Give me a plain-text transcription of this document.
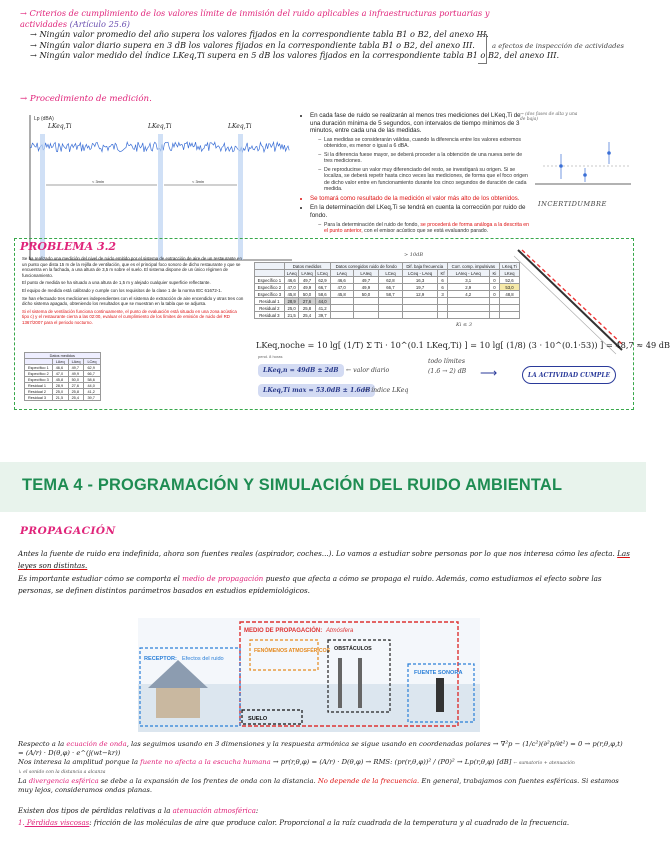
→ Criterios de cumplimiento de los valores límite de inmisión del ruido aplicables a infraestructuras portuarias y actividades (Artículo 25.6)
→ Ningún valor promedio del año supera los valores fijados en la correspondiente tabla B1 o B2, del anexo III.
→ Ningún valor diario supera en 3 dB los valores fijados en la correspondiente tabla B1 o B2, del anexo III.
→ Ningún valor medido del índice LKeq,Ti supera en 5 dB los valores fijados en la correspondiente tabla B1 o B2, del anexo III.
a efectos de inspección de actividades
→ Procedimiento de medición.
Lp (dBA)
LKeq,Ti	LKeq,Ti	LKeq,Ti
< 3min	< 3min
• En cada fase de ruido se realizarán al menos tres mediciones del LKeq,Ti de una duración mínima de 5 segundos, con intervalos de tiempo mínimos de 3 minutos, entre cada una de las medidas.
– Las medidas se considerarán válidas, cuando la diferencia entre los valores extremos obtenidos, es menor o igual a 6 dBA.
– Si la diferencia fuese mayor, se deberá proceder a la obtención de una nueva serie de tres mediciones.
– De reproducirse un valor muy diferenciado del resto, se investigará su origen. Si se localiza, se deberá repetir hasta cinco veces las mediciones, de forma que el foco origen de dicho valor entre en funcionamiento durante los cinco segundos de duración de cada medida.
• Se tomará como resultado de la medición el valor más alto de los obtenidos.
• En la determinación del LKeq,Ti se tendrá en cuenta la corrección por ruido de fondo.
– Para la determinación del ruido de fondo, se procederá de forma análoga a la descrita en el punto anterior, con el emisor acústico que se está evaluando parado.
→ (dos fases de alta y una de baja)
INCERTIDUMBRE
PROBLEMA 3.2

Se ha realizado una medición del nivel de ruido emitido por el sistema de extracción de aire de un restaurante en un punto que dista 15 m de la rejilla de ventilación, que es el principal foco sonoro de dicho restaurante y que se encuentra en la fachada, a una altura de 3,5 m sobre el suelo. El sistema dispone de un único régimen de funcionamiento.

El punto de medida se ha situado a una altura de 1,5 m y alejado cualquier superficie reflectante.

El equipo de medida está calibrado y cumple con los requisitos de la clase 1 de la norma IEC 61672-1.

Se han efectuado tres mediciones independientes con el sistema de extracción de aire encendido y otras tres con dicho sistema apagado, obteniendo los resultados que se muestran en la tabla que se adjunta.

Si el sistema de ventilación funciona continuamente, el punto de evaluación está situado en una zona acústica tipo c) y el restaurante cierra a las 02:00, evaluar el cumplimiento de los límites de emisión de ruido del RD 1367/2007 para el periodo nocturno.

Datos medidos			
	LAeq	LAeq	LCeq
Específico 1	46,6	49,7	62,9
Específico 2	47,0	49,9	66,7
Específico 3	45,8	50,0	58,6
Residual 1	28,9	27,6	44,0
Residual 2	25,0	25,8	41,2
Residual 3	21,5	25,4	39,7
	Datos medidos			Datos corregidos ruido de fondo			Dif. baja frecuencia		Corr. comp. impulsivas		LKeq,Ti
	LAeq	LAIeq	LCeq	LAeq	LAIeq	LCeq	LCeq - LAeq	Kf	LAIeq - LAeq	Ki	LKeq
Específico 1	46,6	49,7	62,9	46,6	49,7	62,8	16,3	6	3,1	0	52,6
Específico 2	47,0	49,9	66,7	47,0	49,9	66,7	19,7	6	2,9	0	53,0
Específico 3	45,8	50,0	58,6	45,8	50,0	58,7	12,9	3	4,2	0	48,8
Residual 1	28,9	27,6	44,0								
Residual 2	25,0	25,8	41,2								
Residual 3	21,5	25,4	39,7								
> 10dB
Ki ≤ 3
LKeq,noche = 10 lg[ (1/T) Σ Ti · 10^(0.1 LKeq,Ti) ] = 10 lg[ (1/8) (3 · 10^(0.1·53)) ] = 48,7 ≈ 49 dB
pend. 8 horas
LKeq,n = 49dB ± 2dB	← valor diario
LKeq,Ti max = 53.0dB ± 1.6dB
← índice LKeq
todo límites
(1.6 → 2) dB ⟶	LA ACTIVIDAD CUMPLE
TEMA 4 - PROGRAMACIÓN Y SIMULACIÓN DEL RUIDO AMBIENTAL
PROPAGACIÓN
Antes la fuente de ruido era indefinida, ahora son fuentes reales (aspirador, coches...). Lo vamos a estudiar sobre personas por lo que nos interesa cómo les afecta. Las leyes son distintas.
Es importante estudiar cómo se comporta el medio de propagación puesto que afecta a cómo se propaga el ruido. Además, como estudiamos el efecto sobre las personas, se definen distintos parámetros basados en estudios epidemiológicos.
MEDIO DE PROPAGACIÓN: Atmósfera
FENÓMENOS ATMOSFÉRICOS OBSTÁCULOS
RECEPTOR: Efectos del ruido
FUENTE SONORA
SUELO
Respecto a la ecuación de onda, las seguimos usando en 3 dimensiones y la respuesta armónica se sigue usando en coordenadas polares → ∇²p − (1/c²)(∂²p/∂t²) = 0 → p(r,θ,φ,t) = (A/r) · D(θ,φ) · e^(j(wt−kr))
Nos interesa la amplitud porque la fuente no afecta a la escucha humana → pr(r,θ,φ) = (A/r) · D(θ,φ) → RMS: (pr(r,θ,φ))² / (P0)² → Lp(r,θ,φ) [dB] ← sumatorio + atenuación
↳ el sonido con la distancia a alcanza
La divergencia esférica se debe a la expansión de los frentes de onda con la distancia. No depende de la frecuencia. En general, trabajamos con fuentes esféricas. Si estamos muy lejos, consideramos ondas planas.
Existen dos tipos de pérdidas relativas a la atenuación atmosférica:
1. Pérdidas viscosas: fricción de las moléculas de aire que produce calor. Proporcional a la raíz cuadrada de la temperatura y al cuadrado de la frecuencia.
